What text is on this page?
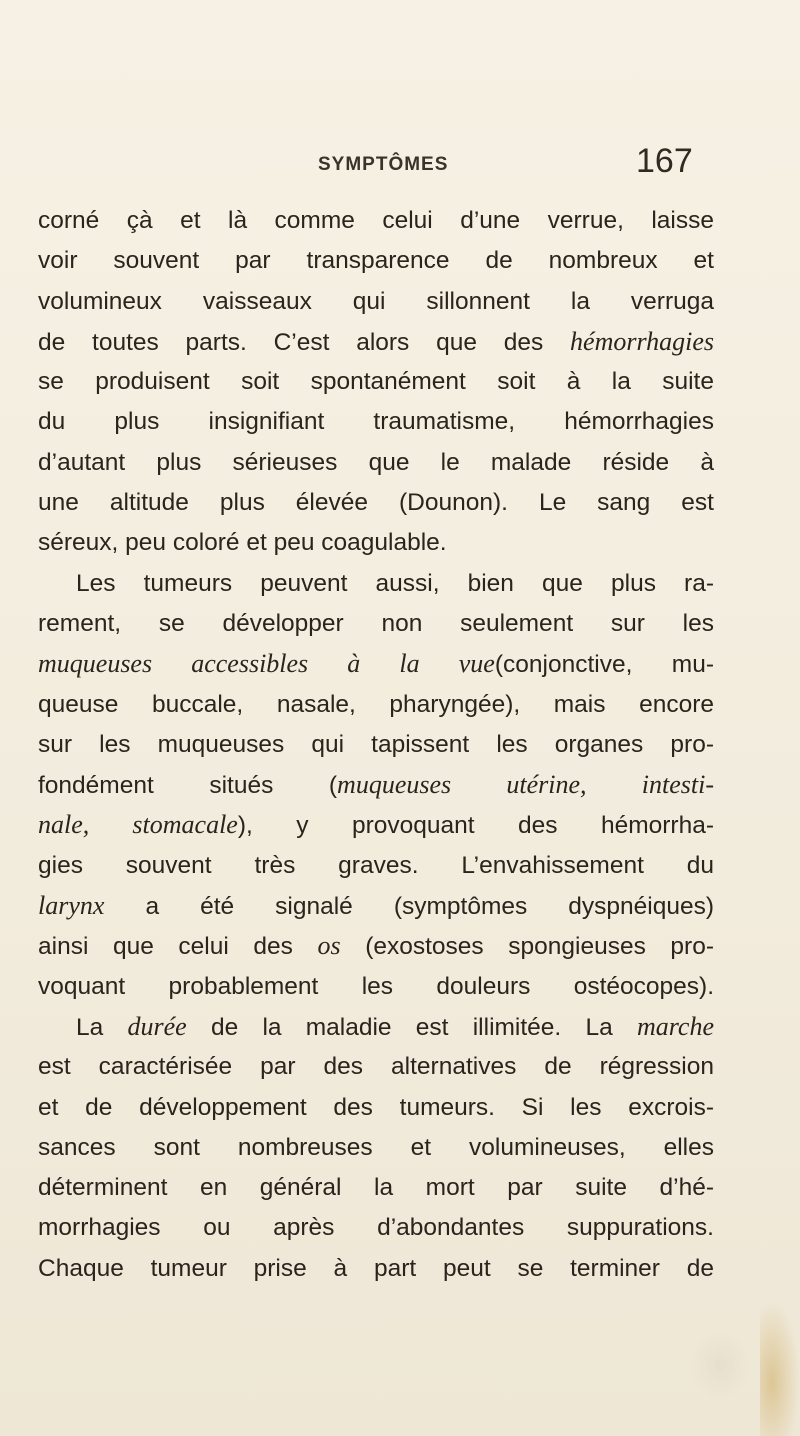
SYMPTÔMES	167
corné çà et là comme celui d’une verrue, laisse
voir souvent par transparence de nombreux et
volumineux vaisseaux qui sillonnent la verruga
de toutes parts. C’est alors que des hémorrhagies
se produisent soit spontanément soit à la suite
du plus insignifiant traumatisme, hémorrhagies
d’autant plus sérieuses que le malade réside à
une altitude plus élevée (Dounon). Le sang est
séreux, peu coloré et peu coagulable.
Les tumeurs peuvent aussi, bien que plus ra-
rement, se développer non seulement sur les
muqueuses accessibles à la vue(conjonctive, mu-
queuse buccale, nasale, pharyngée), mais encore
sur les muqueuses qui tapissent les organes pro-
fondément situés (muqueuses utérine, intesti-
nale, stomacale), y provoquant des hémorrha-
gies souvent très graves. L’envahissement du
larynx a été signalé (symptômes dyspnéiques)
ainsi que celui des os (exostoses spongieuses pro-
voquant probablement les douleurs ostéocopes).
La durée de la maladie est illimitée. La marche
est caractérisée par des alternatives de régression
et de développement des tumeurs. Si les excrois-
sances sont nombreuses et volumineuses, elles
déterminent en général la mort par suite d’hé-
morrhagies ou après d’abondantes suppurations.
Chaque tumeur prise à part peut se terminer de
